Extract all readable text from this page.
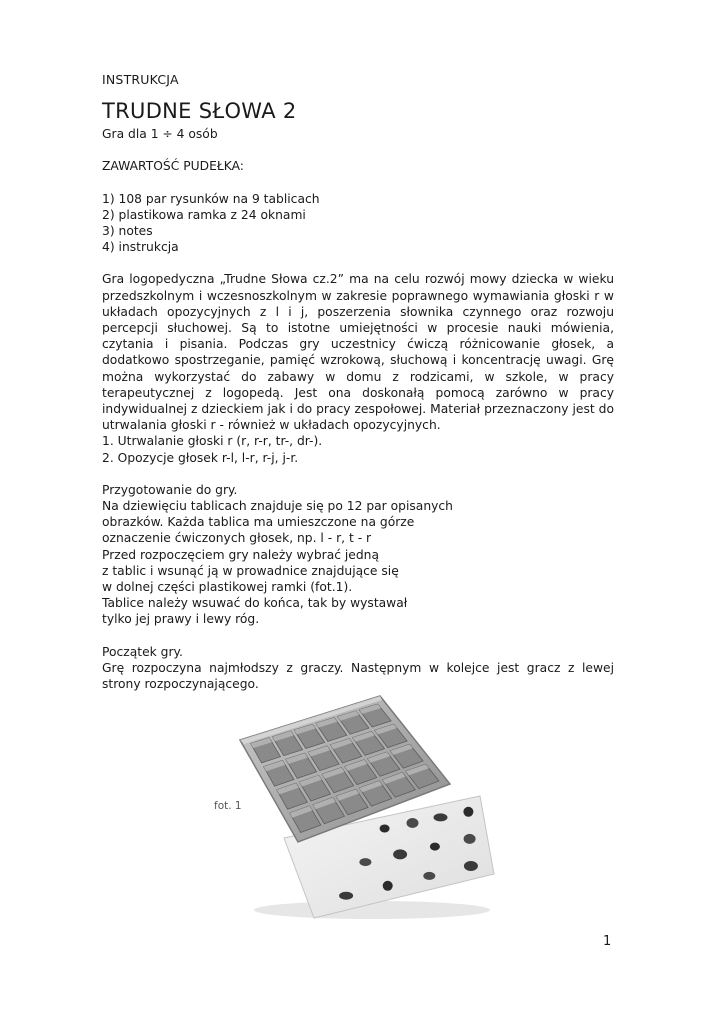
INSTRUKCJA
TRUDNE SŁOWA 2
Gra dla 1 ÷ 4 osób
ZAWARTOŚĆ PUDEŁKA:
1) 108 par rysunków na 9 tablicach
2) plastikowa ramka z 24 oknami
3) notes
4) instrukcja

Gra logopedyczna „Trudne Słowa cz.2” ma na celu rozwój mowy dziecka w wieku przedszkolnym i wczesnoszkolnym w zakresie poprawnego wymawiania głoski r w układach opozycyjnych z l i j, poszerzenia słownika czynnego oraz rozwoju percepcji słuchowej. Są to istotne umiejętności w procesie nauki mówienia, czytania i pisania. Podczas gry uczestnicy ćwiczą różnicowanie głosek, a dodatkowo spostrzeganie, pamięć wzrokową, słuchową i koncentrację uwagi. Grę można wykorzystać do zabawy w domu z rodzicami, w szkole, w pracy terapeutycznej z logopedą. Jest ona doskonałą pomocą zarówno w pracy indywidualnej z dzieckiem jak i do pracy zespołowej. Materiał przeznaczony jest do utrwalania głoski r - również w układach opozycyjnych.

1. Utrwalanie głoski r (r, r-r, tr-, dr-).
2. Opozycje głosek r-l, l-r, r-j, j-r.
Przygotowanie do gry.
Na dziewięciu tablicach znajduje się po 12 par opisanych
obrazków. Każda tablica ma umieszczone na górze
oznaczenie ćwiczonych głosek, np. l - r, t - r
Przed rozpoczęciem gry należy wybrać jedną
z tablic i wsunąć ją w prowadnice znajdujące się
w dolnej części plastikowej ramki (fot.1).
Tablice należy wsuwać do końca, tak by wystawał
tylko jej prawy i lewy róg.
Początek gry.

Grę rozpoczyna najmłodszy z graczy. Następnym w kolejce jest gracz z lewej strony rozpoczynającego.

fot. 1
1
